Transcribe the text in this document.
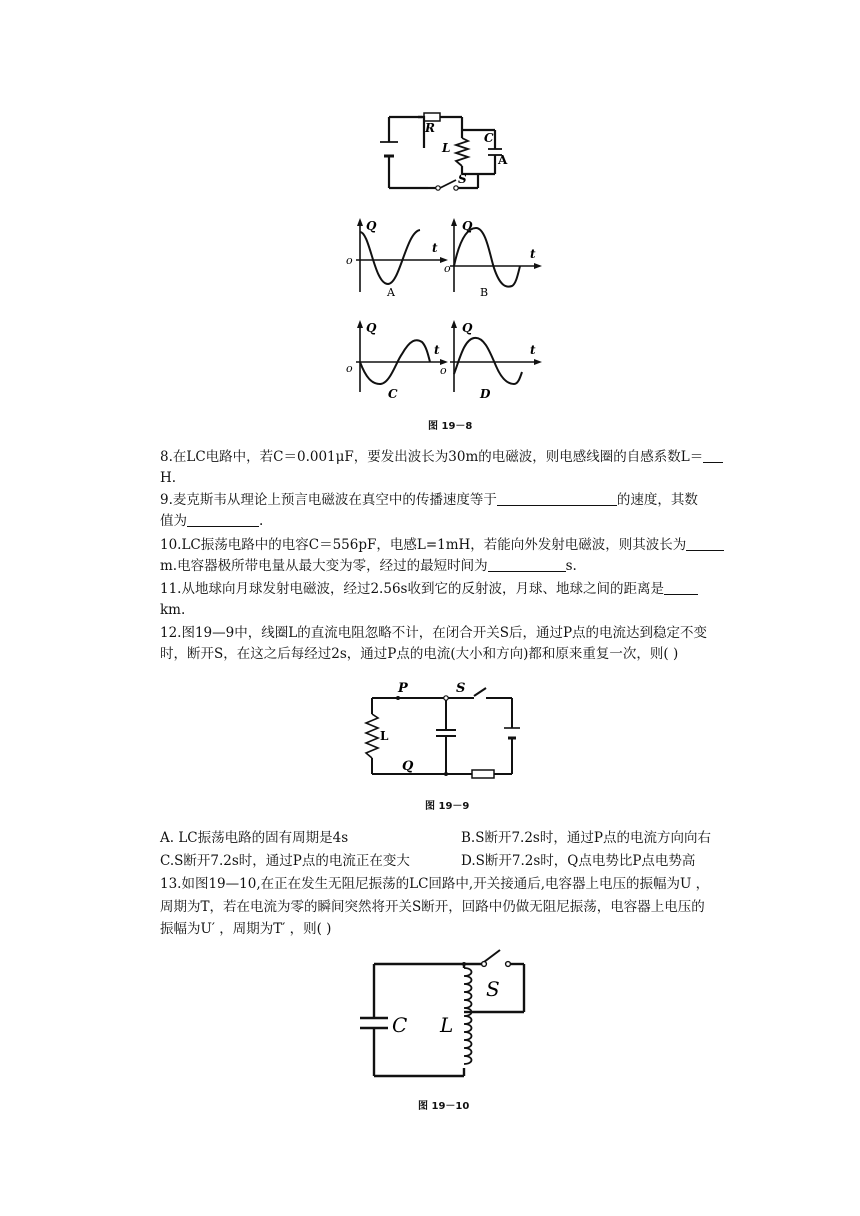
R
L
C
A
S
Q
t
o
A
Q
t
o
B
Q
t
o
C
Q
t
o
D
图 19－8
8.在LC电路中，若C＝0.001μF，要发出波长为30m的电磁波，则电感线圈的自感系数L＝
H.
9.麦克斯韦从理论上预言电磁波在真空中的传播速度等于	的速度，其数
值为	.
10.LC振荡电路中的电容C＝556pF，电感L=1mH，若能向外发射电磁波，则其波长为
m.电容器极所带电量从最大变为零，经过的最短时间为	s.
11.从地球向月球发射电磁波，经过2.56s收到它的反射波，月球、地球之间的距离是
km.
12.图19—9中，线圈L的直流电阻忽略不计，在闭合开关S后，通过P点的电流达到稳定不变
时，断开S，在这之后每经过2s，通过P点的电流(大小和方向)都和原来重复一次，则( )
P	S
L
Q
图 19－9
A. LC振荡电路的固有周期是4s	B.S断开7.2s时，通过P点的电流方向向右
C.S断开7.2s时，通过P点的电流正在变大	D.S断开7.2s时，Q点电势比P点电势高
13.如图19—10,在正在发生无阻尼振荡的LC回路中,开关接通后,电容器上电压的振幅为U ，
周期为T，若在电流为零的瞬间突然将开关S断开，回路中仍做无阻尼振荡，电容器上电压的
振幅为U′ ，周期为T′ ，则( )
C L
S
图 19－10
